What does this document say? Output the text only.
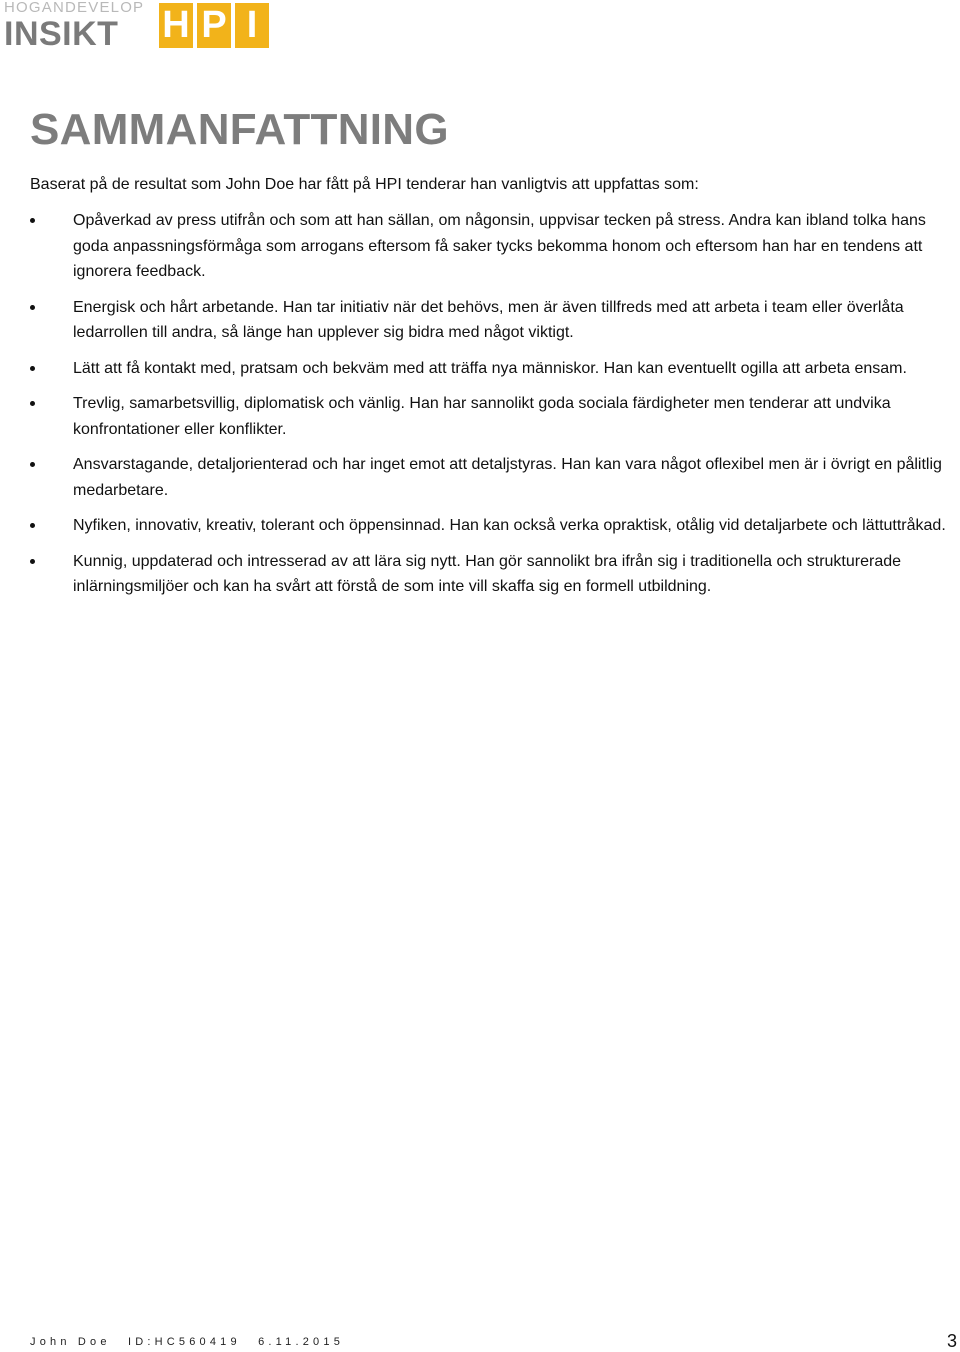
HOGANDEVELOP
INSIKT	H P I
SAMMANFATTNING

Baserat på de resultat som John Doe har fått på HPI tenderar han vanligtvis att uppfattas som:

Opåverkad av press utifrån och som att han sällan, om någonsin, uppvisar tecken på stress. Andra kan ibland tolka hans goda anpassningsförmåga som arrogans eftersom få saker tycks bekomma honom och eftersom han har en tendens att ignorera feedback.
Energisk och hårt arbetande. Han tar initiativ när det behövs, men är även tillfreds med att arbeta i team eller överlåta ledarrollen till andra, så länge han upplever sig bidra med något viktigt.
Lätt att få kontakt med, pratsam och bekväm med att träffa nya människor. Han kan eventuellt ogilla att arbeta ensam.
Trevlig, samarbetsvillig, diplomatisk och vänlig. Han har sannolikt goda sociala färdigheter men tenderar att undvika konfrontationer eller konflikter.
Ansvarstagande, detaljorienterad och har inget emot att detaljstyras. Han kan vara något oflexibel men är i övrigt en pålitlig medarbetare.
Nyfiken, innovativ, kreativ, tolerant och öppensinnad. Han kan också verka opraktisk, otålig vid detaljarbete och lättuttråkad.
Kunnig, uppdaterad och intresserad av att lära sig nytt. Han gör sannolikt bra ifrån sig i traditionella och strukturerade inlärningsmiljöer och kan ha svårt att förstå de som inte vill skaffa sig en formell utbildning.
John Doe ID:HC560419 6.11.2015	3
